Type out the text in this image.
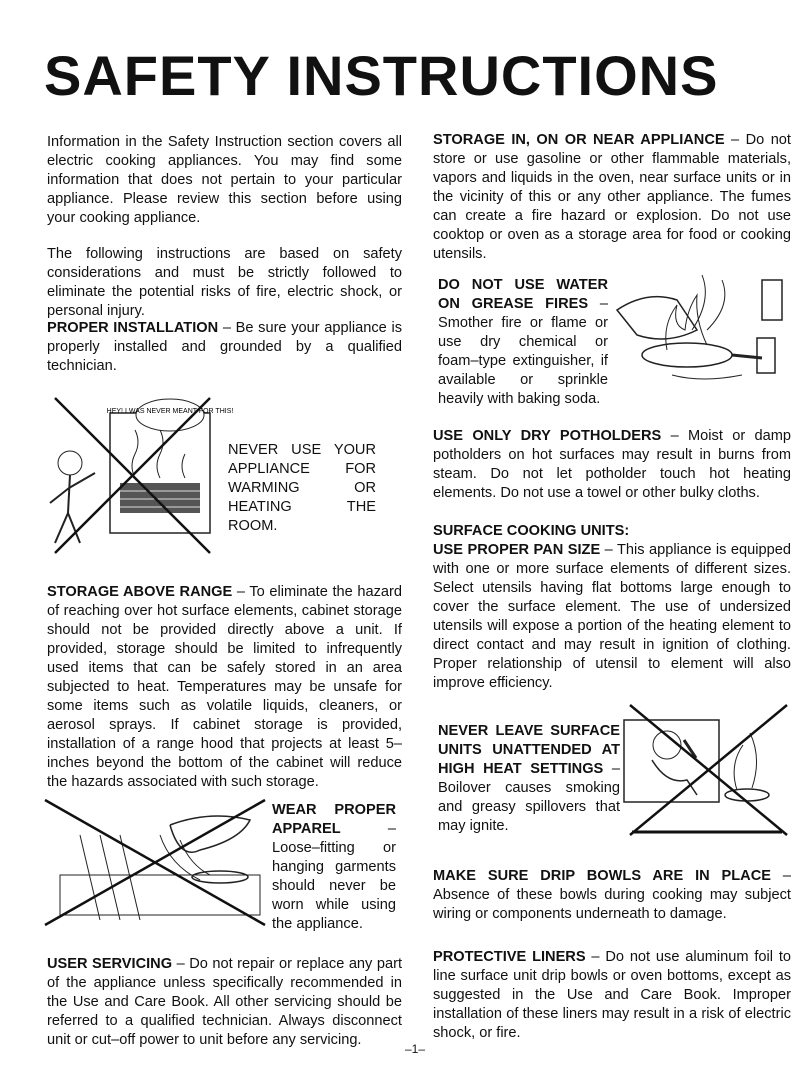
SAFETY INSTRUCTIONS

Information in the Safety Instruction section covers all electric cooking appliances. You may find some information that does not pertain to your particular appliance. Please review this section before using your cooking appliance.

The following instructions are based on safety considerations and must be strictly followed to eliminate the potential risks of fire, electric shock, or personal injury.

PROPER INSTALLATION – Be sure your appliance is properly installed and grounded by a qualified technician.

HEY! I WAS NEVER MEANT FOR THIS!

NEVER USE YOUR APPLIANCE FOR WARMING OR HEATING THE ROOM.

STORAGE ABOVE RANGE – To eliminate the hazard of reaching over hot surface elements, cabinet storage should not be provided directly above a unit. If provided, storage should be limited to infrequently used items that can be safely stored in an area subjected to heat. Temperatures may be unsafe for some items such as volatile liquids, cleaners, or aerosol sprays. If cabinet storage is provided, installation of a range hood that projects at least 5–inches beyond the bottom of the cabinet will reduce the hazards associated with such storage.

WEAR PROPER APPAREL – Loose–fitting or hanging garments should never be worn while using the appliance.

USER SERVICING – Do not repair or replace any part of the appliance unless specifically recommended in the Use and Care Book. All other servicing should be referred to a qualified technician. Always disconnect unit or cut–off power to unit before any servicing.

STORAGE IN, ON OR NEAR APPLIANCE – Do not store or use gasoline or other flammable materials, vapors and liquids in the oven, near surface units or in the vicinity of this or any other appliance. The fumes can create a fire hazard or explosion. Do not use cooktop or oven as a storage area for food or cooking utensils.

DO NOT USE WATER ON GREASE FIRES – Smother fire or flame or use dry chemical or foam–type extinguisher, if available or sprinkle heavily with baking soda.

USE ONLY DRY POTHOLDERS – Moist or damp potholders on hot surfaces may result in burns from steam. Do not let potholder touch hot heating elements. Do not use a towel or other bulky cloths.

SURFACE COOKING UNITS:
USE PROPER PAN SIZE – This appliance is equipped with one or more surface elements of different sizes. Select utensils having flat bottoms large enough to cover the surface element. The use of undersized utensils will expose a portion of the heating element to direct contact and may result in ignition of clothing. Proper relationship of utensil to element will also improve efficiency.

NEVER LEAVE SURFACE UNITS UNATTENDED AT HIGH HEAT SETTINGS – Boilover causes smoking and greasy spillovers that may ignite.

MAKE SURE DRIP BOWLS ARE IN PLACE – Absence of these bowls during cooking may subject wiring or components underneath to damage.

PROTECTIVE LINERS – Do not use aluminum foil to line surface unit drip bowls or oven bottoms, except as suggested in the Use and Care Book. Improper installation of these liners may result in a risk of electric shock, or fire.

–1–
